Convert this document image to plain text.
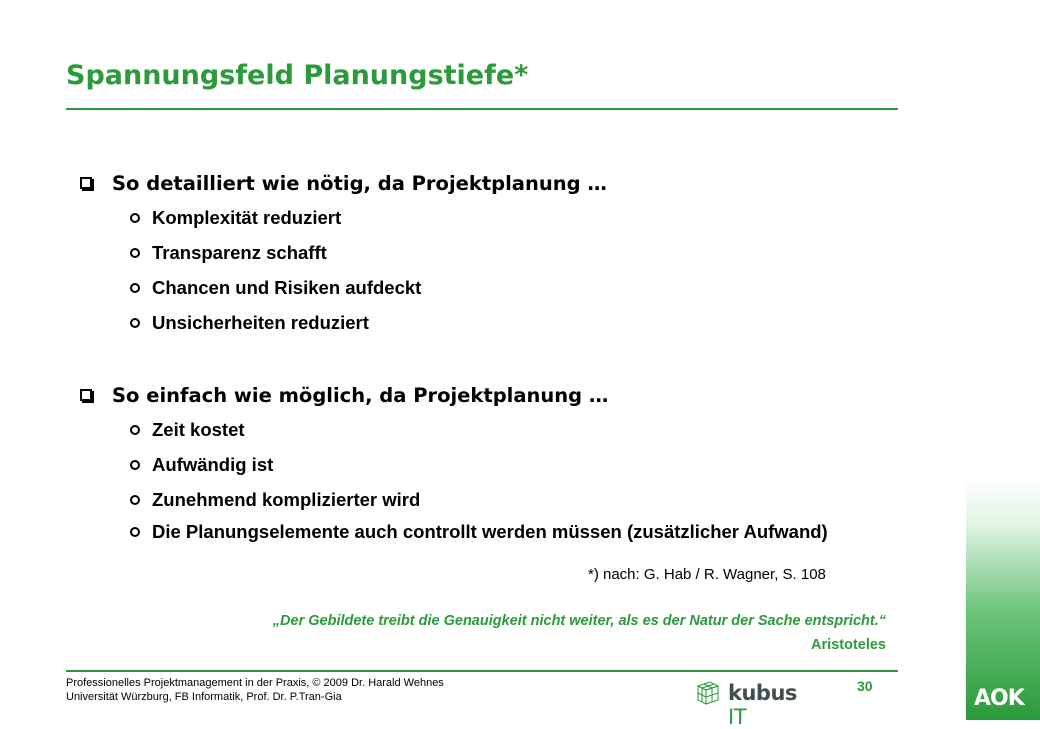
Spannungsfeld Planungstiefe*
So detailliert wie nötig, da Projektplanung …
Komplexität reduziert
Transparenz schafft
Chancen und Risiken aufdeckt
Unsicherheiten reduziert
So einfach wie möglich, da Projektplanung …
Zeit kostet
Aufwändig ist
Zunehmend komplizierter wird
Die Planungselemente auch controllt werden müssen (zusätzlicher Aufwand)
*) nach: G. Hab / R. Wagner, S. 108
„Der Gebildete treibt die Genauigkeit nicht weiter, als es der Natur der Sache entspricht.“
Aristoteles
Professionelles Projektmanagement in der Praxis, © 2009 Dr. Harald Wehnes
Universität Würzburg, FB Informatik, Prof. Dr. P.Tran-Gia	kubus IT
30	AOK
